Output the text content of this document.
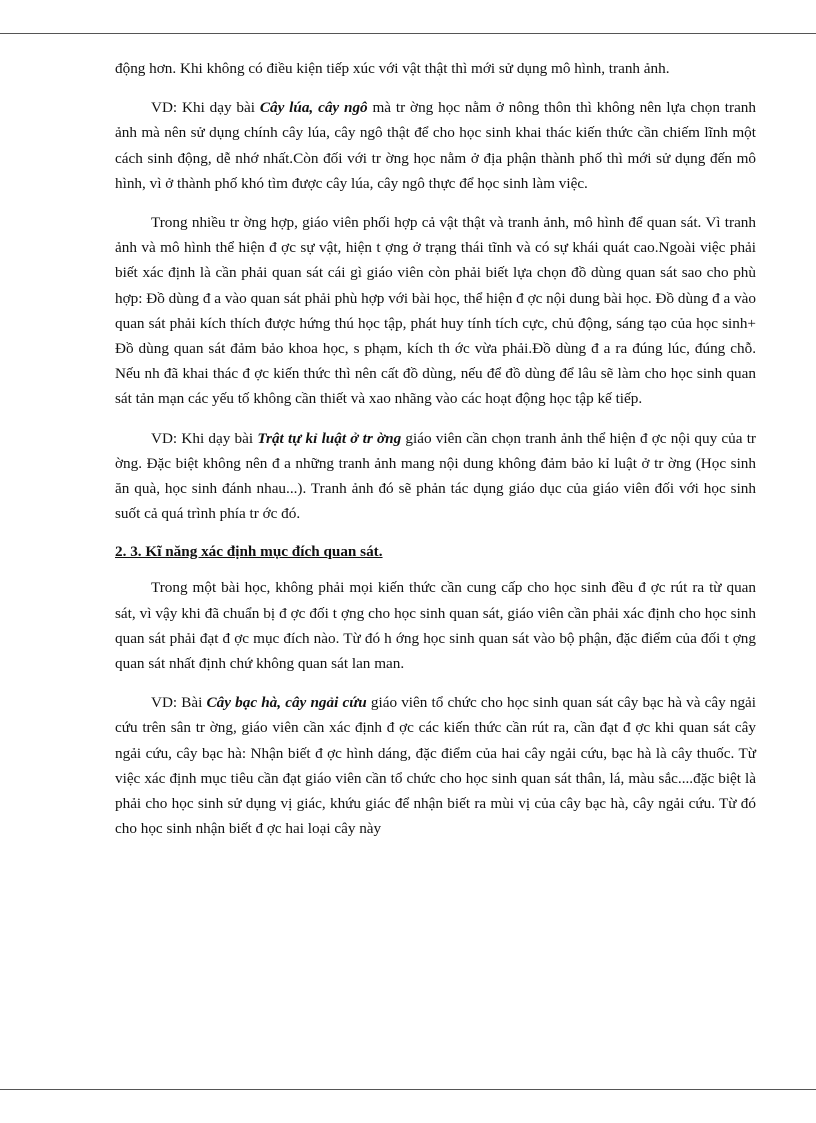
động hơn. Khi không có điều kiện tiếp xúc với vật thật thì mới sử dụng mô hình, tranh ảnh.

VD: Khi dạy bài Cây lúa, cây ngô mà tr ờng học nằm ở nông thôn thì không nên lựa chọn tranh ảnh mà nên sử dụng chính cây lúa, cây ngô thật để cho học sinh khai thác kiến thức cần chiếm lĩnh một cách sinh động, dễ nhớ nhất.Còn đối với tr ờng học nằm ở địa phận thành phố thì mới sử dụng đến mô hình, vì ở thành phố khó tìm được cây lúa, cây ngô thực để học sinh làm việc.

Trong nhiều tr ờng hợp, giáo viên phối hợp cả vật thật và tranh ảnh, mô hình để quan sát. Vì tranh ảnh và mô hình thể hiện đ ợc sự vật, hiện t ợng ở trạng thái tĩnh và có sự khái quát cao.Ngoài việc phải biết xác định là cần phải quan sát cái gì giáo viên còn phải biết lựa chọn đồ dùng quan sát sao cho phù hợp: Đồ dùng đ a vào quan sát phải phù hợp với bài học, thể hiện đ ợc nội dung bài học. Đồ dùng đ a vào quan sát phải kích thích được hứng thú học tập, phát huy tính tích cực, chủ động, sáng tạo của học sinh+ Đồ dùng quan sát đảm bảo khoa học, s phạm, kích th ớc vừa phải.Đồ dùng đ a ra đúng lúc, đúng chỗ. Nếu nh đã khai thác đ ợc kiến thức thì nên cất đồ dùng, nếu để đồ dùng để lâu sẽ làm cho học sinh quan sát tản mạn các yếu tố không cần thiết và xao nhãng vào các hoạt động học tập kế tiếp.

VD: Khi dạy bài Trật tự kỉ luật ở tr ờng giáo viên cần chọn tranh ảnh thể hiện đ ợc nội quy của tr ờng. Đặc biệt không nên đ a những tranh ảnh mang nội dung không đảm bảo kỉ luật ở tr ờng (Học sinh ăn quà, học sinh đánh nhau...). Tranh ảnh đó sẽ phản tác dụng giáo dục của giáo viên đối với học sinh suốt cả quá trình phía tr ớc đó.

2. 3. Kĩ năng xác định mục đích quan sát.

Trong một bài học, không phải mọi kiến thức cần cung cấp cho học sinh đều đ ợc rút ra từ quan sát, vì vậy khi đã chuẩn bị đ ợc đối t ợng cho học sinh quan sát, giáo viên cần phải xác định cho học sinh quan sát phải đạt đ ợc mục đích nào. Từ đó h ớng học sinh quan sát vào bộ phận, đặc điểm của đối t ợng quan sát nhất định chứ không quan sát lan man.

VD: Bài Cây bạc hà, cây ngải cứu giáo viên tổ chức cho học sinh quan sát cây bạc hà và cây ngải cứu trên sân tr ờng, giáo viên cần xác định đ ợc các kiến thức cần rút ra, cần đạt đ ợc khi quan sát cây ngải cứu, cây bạc hà: Nhận biết đ ợc hình dáng, đặc điểm của hai cây ngải cứu, bạc hà là cây thuốc. Từ việc xác định mục tiêu cần đạt giáo viên cần tổ chức cho học sinh quan sát thân, lá, màu sắc....đặc biệt là phải cho học sinh sử dụng vị giác, khứu giác để nhận biết ra mùi vị của cây bạc hà, cây ngải cứu. Từ đó cho học sinh nhận biết đ ợc hai loại cây này
